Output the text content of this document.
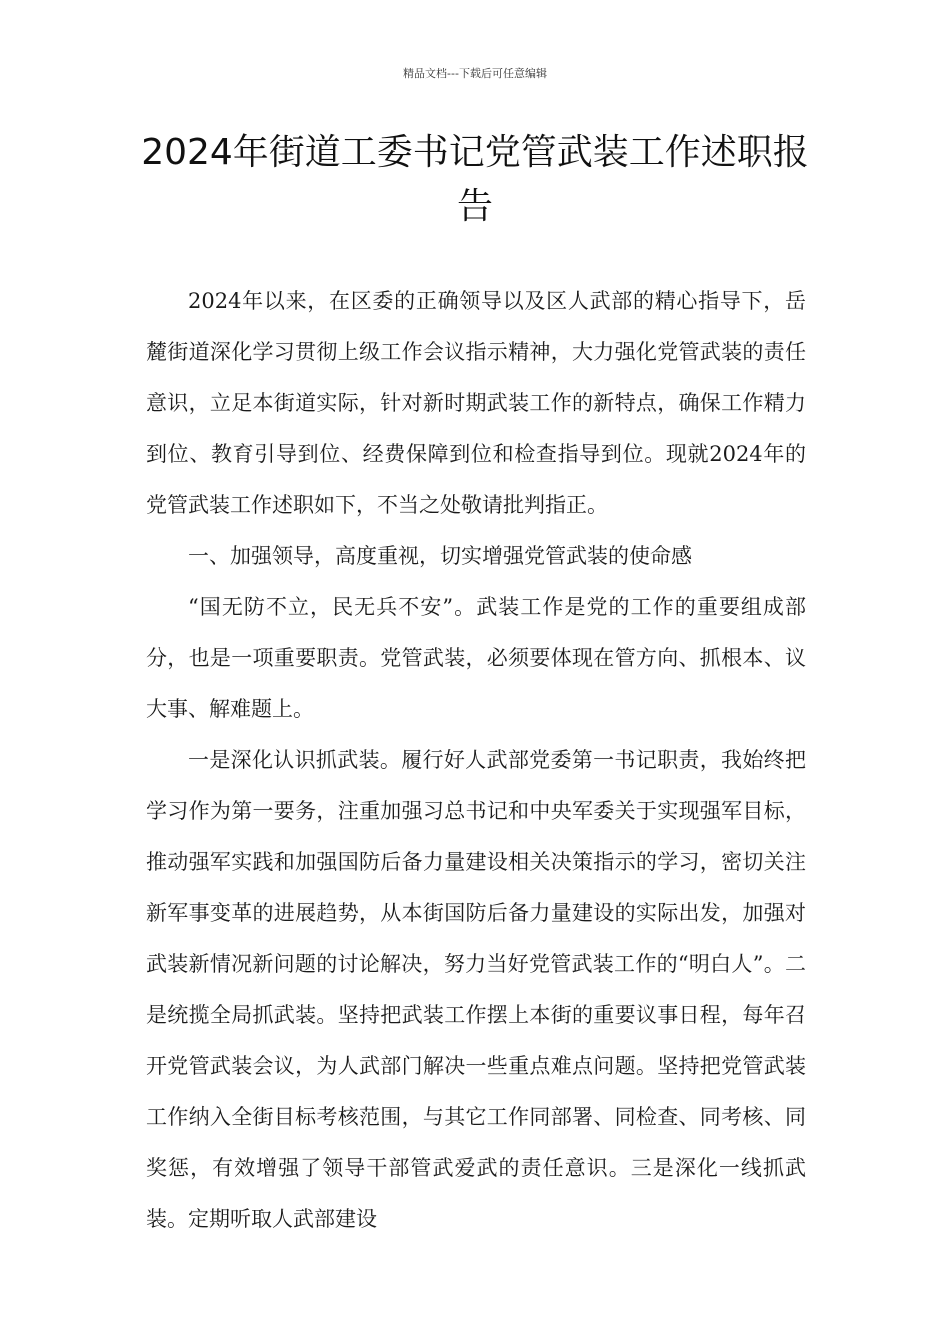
精品文档---下载后可任意编辑
2024年街道工委书记党管武装工作述职报告

2024年以来，在区委的正确领导以及区人武部的精心指导下，岳麓街道深化学习贯彻上级工作会议指示精神，大力强化党管武装的责任意识，立足本街道实际，针对新时期武装工作的新特点，确保工作精力到位、教育引导到位、经费保障到位和检查指导到位。现就2024年的党管武装工作述职如下，不当之处敬请批判指正。

一、加强领导，高度重视，切实增强党管武装的使命感

“国无防不立，民无兵不安”。武装工作是党的工作的重要组成部分，也是一项重要职责。党管武装，必须要体现在管方向、抓根本、议大事、解难题上。

一是深化认识抓武装。履行好人武部党委第一书记职责，我始终把学习作为第一要务，注重加强习总书记和中央军委关于实现强军目标，推动强军实践和加强国防后备力量建设相关决策指示的学习，密切关注新军事变革的进展趋势，从本街国防后备力量建设的实际出发，加强对武装新情况新问题的讨论解决，努力当好党管武装工作的“明白人”。二是统揽全局抓武装。坚持把武装工作摆上本街的重要议事日程，每年召开党管武装会议，为人武部门解决一些重点难点问题。坚持把党管武装工作纳入全街目标考核范围，与其它工作同部署、同检查、同考核、同奖惩，有效增强了领导干部管武爱武的责任意识。三是深化一线抓武装。定期听取人武部建设
